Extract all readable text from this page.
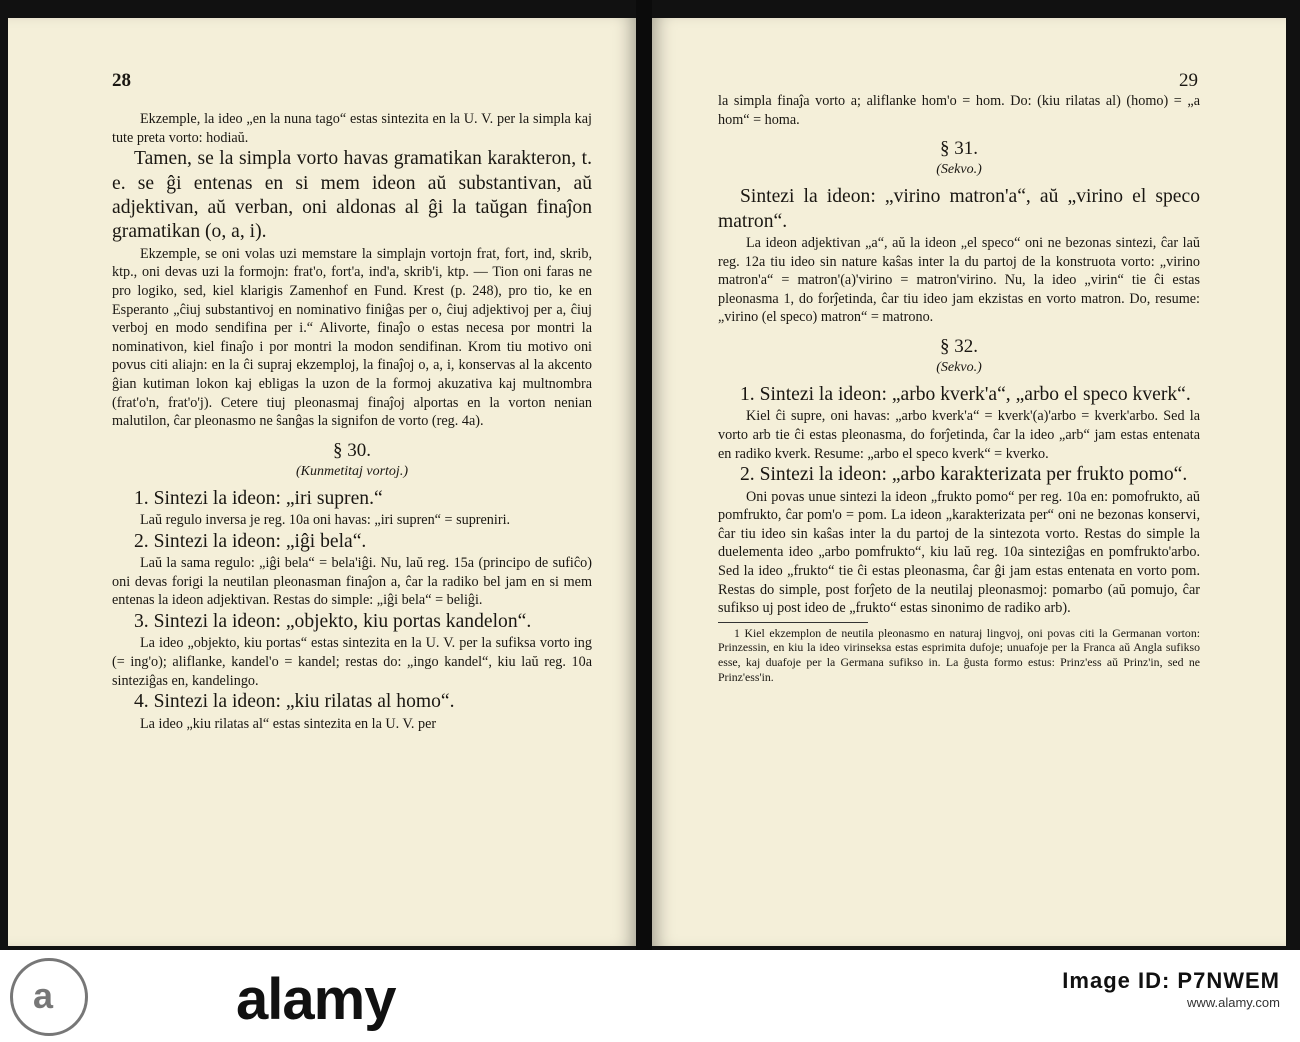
28

Ekzemple, la ideo „en la nuna tago“ estas sintezita en la U. V. per la simpla kaj tute preta vorto: hodiaŭ.

Tamen, se la simpla vorto havas gramatikan karakteron, t. e. se ĝi entenas en si mem ideon aŭ substantivan, aŭ adjektivan, aŭ verban, oni aldonas al ĝi la taŭgan finaĵon gramatikan (o, a, i).

Ekzemple, se oni volas uzi memstare la simplajn vortojn frat, fort, ind, skrib, ktp., oni devas uzi la formojn: frat'o, fort'a, ind'a, skrib'i, ktp. — Tion oni faras ne pro logiko, sed, kiel klarigis Zamenhof en Fund. Krest (p. 248), pro tio, ke en Esperanto „ĉiuj substantivoj en nominativo finiĝas per o, ĉiuj adjektivoj per a, ĉiuj verboj en modo sendifina per i.“ Alivorte, finaĵo o estas necesa por montri la nominativon, kiel finaĵo i por montri la modon sendifinan. Krom tiu motivo oni povus citi aliajn: en la ĉi supraj ekzemploj, la finaĵoj o, a, i, konservas al la akcento ĝian kutiman lokon kaj ebligas la uzon de la formoj akuzativa kaj multnombra (frat'o'n, frat'o'j). Ceterе tiuj pleonasmaj finaĵoj alportas en la vorton nenian malutilon, ĉar pleonasmo ne ŝanĝas la signifon de vorto (reg. 4a).

§ 30.
(Kunmetitaj vortoj.)

1. Sintezi la ideon: „iri supren.“

Laŭ regulo inversa je reg. 10a oni havas: „iri supren“ = supreniri.

2. Sintezi la ideon: „iĝi bela“.

Laŭ la sama regulo: „iĝi bela“ = bela'iĝi. Nu, laŭ reg. 15a (principo de sufiĉo) oni devas forigi la neutilan pleonasman finaĵon a, ĉar la radiko bel jam en si mem entenas la ideon adjektivan. Restas do simple: „iĝi bela“ = beliĝi.

3. Sintezi la ideon: „objekto, kiu portas kandelon“.

La ideo „objekto, kiu portas“ estas sintezita en la U. V. per la sufiksa vorto ing (= ing'o); aliflanke, kandel'o = kandel; restas do: „ingo kandel“, kiu laŭ reg. 10a sinteziĝas en, kandelingo.

4. Sintezi la ideon: „kiu rilatas al homo“.

La ideo „kiu rilatas al“ estas sintezita en la U. V. per

29

la simpla finaĵa vorto a; aliflanke hom'o = hom. Do: (kiu rilatas al) (homo) = „a hom“ = homa.

§ 31.
(Sekvo.)

Sintezi la ideon: „virino matron'a“, aŭ „virino el speco matron“.

La ideon adjektivan „a“, aŭ la ideon „el speco“ oni ne bezonas sintezi, ĉar laŭ reg. 12a tiu ideo sin nature kaŝas inter la du partoj de la konstruota vorto: „virino matron'a“ = matron'(a)'virino = matron'virino. Nu, la ideo „virin“ tie ĉi estas pleonasma 1, do forĵetinda, ĉar tiu ideo jam ekzistas en vorto matron. Do, resume: „virino (el speco) matron“ = matrono.

§ 32.
(Sekvo.)

1. Sintezi la ideon: „arbo kverk'a“, „arbo el speco kverk“.

Kiel ĉi supre, oni havas: „arbo kverk'a“ = kverk'(a)'arbo = kverk'arbo. Sed la vorto arb tie ĉi estas pleonasma, do forĵetinda, ĉar la ideo „arb“ jam estas entenata en radiko kverk. Resume: „arbo el speco kverk“ = kverko.

2. Sintezi la ideon: „arbo karakterizata per frukto pomo“.

Oni povas unue sintezi la ideon „frukto pomo“ per reg. 10a en: pomofrukto, aŭ pomfrukto, ĉar pom'o = pom. La ideon „karakterizata per“ oni ne bezonas konservi, ĉar tiu ideo sin kaŝas inter la du partoj de la sintezota vorto. Restas do simple la duelementa ideo „arbo pomfrukto“, kiu laŭ reg. 10a sinteziĝas en pomfrukto'arbo. Sed la ideo „frukto“ tie ĉi estas pleonasma, ĉar ĝi jam estas entenata en vorto pom. Restas do simple, post forĵeto de la neutilaj pleonasmoj: pomarbo (aŭ pomujo, ĉar sufikso uj post ideo de „frukto“ estas sinonimo de radiko arb).

1 Kiel ekzemplon de neutila pleonasmo en naturaj lingvoj, oni povas citi la Germanan vorton: Prinzessin, en kiu la ideo virinseksa estas esprimita dufoje; unuafoje per la Franca aŭ Angla sufikso esse, kaj duafoje per la Germana sufikso in. La ĝusta formo estus: Prinz'ess aŭ Prinz'in, sed ne Prinz'ess'in.

a	alamy	Image ID: P7NWEM
www.alamy.com
